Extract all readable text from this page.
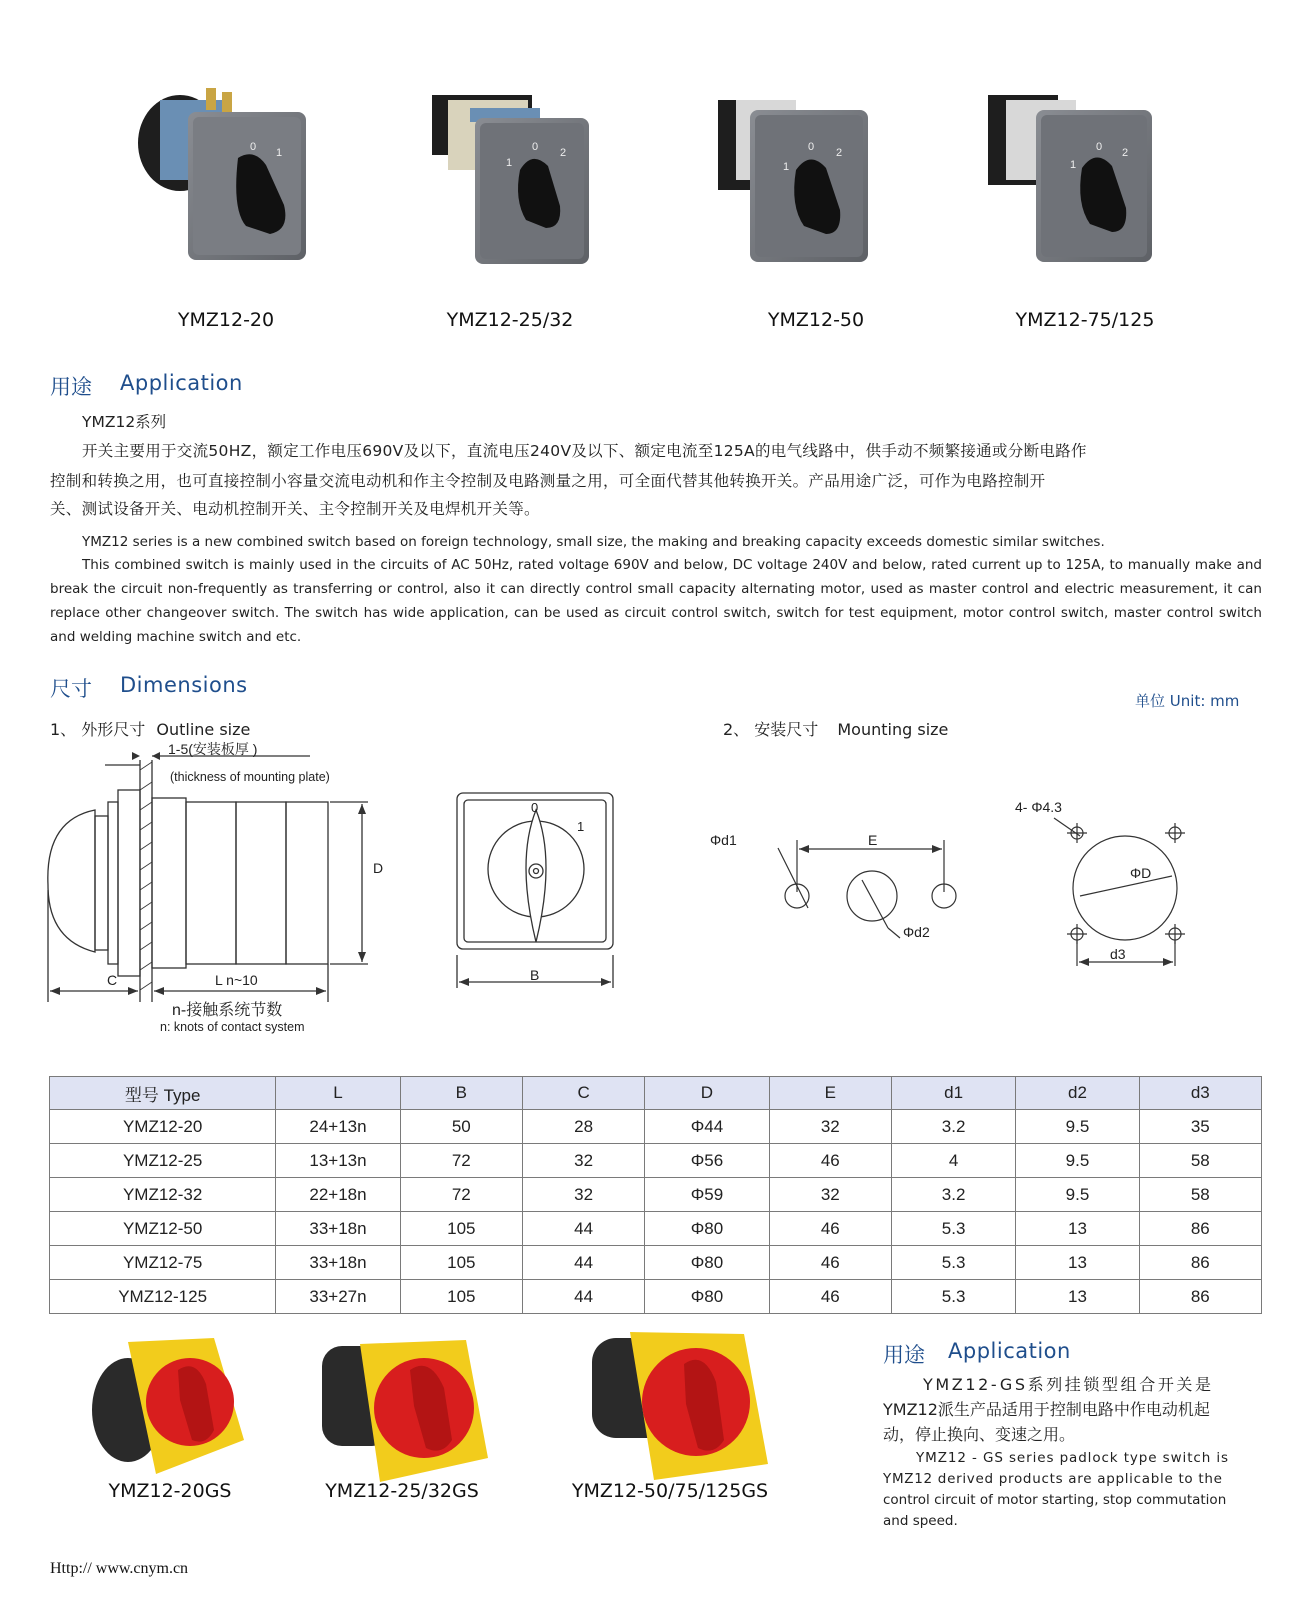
0 1
1
0 2
1
0 2
1
0 2
YMZ12-20	YMZ12-25/32	YMZ12-50	YMZ12-75/125
用途 Application
YMZ12系列
开关主要用于交流50HZ，额定工作电压690V及以下，直流电压240V及以下、额定电流至125A的电气线路中，供手动不频繁接通或分断电路作
控制和转换之用，也可直接控制小容量交流电动机和作主令控制及电路测量之用，可全面代替其他转换开关。产品用途广泛，可作为电路控制开
关、测试设备开关、电动机控制开关、主令控制开关及电焊机开关等。
YMZ12 series is a new combined switch based on foreign technology, small size, the making and breaking capacity exceeds domestic similar switches.
This combined switch is mainly used in the circuits of AC 50Hz, rated voltage 690V and below, DC voltage 240V and below, rated current up to 125A, to manually make and break the circuit non-frequently as transferring or control, also it can directly control small capacity alternating motor, used as master control and electric measurement, it can replace other changeover switch. The switch has wide application, can be used as circuit control switch, switch for test equipment, motor control switch, master control switch and welding machine switch and etc.
尺寸 Dimensions
单位 Unit: mm
1、 外形尺寸 Outline size	2、 安装尺寸 Mounting size
1-5(安装板厚 )
(thickness of mounting plate)
D
C	L n~10
n-接触系统节数
n: knots of contact system
B
0
1
Φd1	E
Φd2
4- Φ4.3
ΦD
d3
型号 Type	L	B	C	D	E	d1	d2	d3
YMZ12-20	24+13n	50	28	Φ44	32	3.2	9.5	35
YMZ12-25	13+13n	72	32	Φ56	46	4	9.5	58
YMZ12-32	22+18n	72	32	Φ59	32	3.2	9.5	58
YMZ12-50	33+18n	105	44	Φ80	46	5.3	13	86
YMZ12-75	33+18n	105	44	Φ80	46	5.3	13	86
YMZ12-125	33+27n	105	44	Φ80	46	5.3	13	86
YMZ12-20GS	YMZ12-25/32GS	YMZ12-50/75/125GS
用途 Application
YMZ12-GS系列挂锁型组合开关是
YMZ12派生产品适用于控制电路中作电动机起
动，停止换向、变速之用。
YMZ12 - GS series padlock type switch is
YMZ12 derived products are applicable to the
control circuit of motor starting, stop commutation
and speed.
Http:// www.cnym.cn
